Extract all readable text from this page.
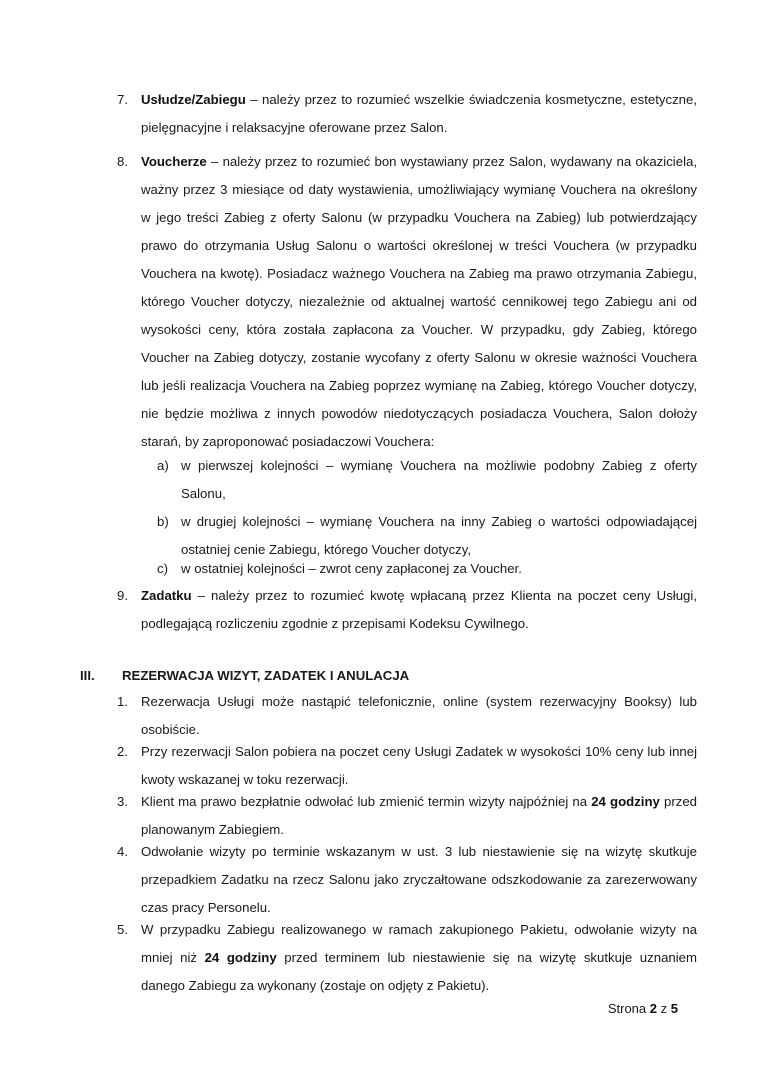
7. Usłudze/Zabiegu – należy przez to rozumieć wszelkie świadczenia kosmetyczne, estetyczne, pielęgnacyjne i relaksacyjne oferowane przez Salon.
8. Voucherze – należy przez to rozumieć bon wystawiany przez Salon, wydawany na okaziciela, ważny przez 3 miesiące od daty wystawienia, umożliwiający wymianę Vouchera na określony w jego treści Zabieg z oferty Salonu (w przypadku Vouchera na Zabieg) lub potwierdzający prawo do otrzymania Usług Salonu o wartości określonej w treści Vouchera (w przypadku Vouchera na kwotę). Posiadacz ważnego Vouchera na Zabieg ma prawo otrzymania Zabiegu, którego Voucher dotyczy, niezależnie od aktualnej wartość cennikowej tego Zabiegu ani od wysokości ceny, która została zapłacona za Voucher. W przypadku, gdy Zabieg, którego Voucher na Zabieg dotyczy, zostanie wycofany z oferty Salonu w okresie ważności Vouchera lub jeśli realizacja Vouchera na Zabieg poprzez wymianę na Zabieg, którego Voucher dotyczy, nie będzie możliwa z innych powodów niedotyczących posiadacza Vouchera, Salon dołoży starań, by zaproponować posiadaczowi Vouchera:
a) w pierwszej kolejności – wymianę Vouchera na możliwie podobny Zabieg z oferty Salonu,
b) w drugiej kolejności – wymianę Vouchera na inny Zabieg o wartości odpowiadającej ostatniej cenie Zabiegu, którego Voucher dotyczy,
c) w ostatniej kolejności – zwrot ceny zapłaconej za Voucher.
9. Zadatku – należy przez to rozumieć kwotę wpłacaną przez Klienta na poczet ceny Usługi, podlegającą rozliczeniu zgodnie z przepisami Kodeksu Cywilnego.
III. REZERWACJA WIZYT, ZADATEK I ANULACJA
1. Rezerwacja Usługi może nastąpić telefonicznie, online (system rezerwacyjny Booksy) lub osobiście.
2. Przy rezerwacji Salon pobiera na poczet ceny Usługi Zadatek w wysokości 10% ceny lub innej kwoty wskazanej w toku rezerwacji.
3. Klient ma prawo bezpłatnie odwołać lub zmienić termin wizyty najpóźniej na 24 godziny przed planowanym Zabiegiem.
4. Odwołanie wizyty po terminie wskazanym w ust. 3 lub niestawienie się na wizytę skutkuje przepadkiem Zadatku na rzecz Salonu jako zryczałtowane odszkodowanie za zarezerwowany czas pracy Personelu.
5. W przypadku Zabiegu realizowanego w ramach zakupionego Pakietu, odwołanie wizyty na mniej niż 24 godziny przed terminem lub niestawienie się na wizytę skutkuje uznaniem danego Zabiegu za wykonany (zostaje on odjęty z Pakietu).
Strona 2 z 5
